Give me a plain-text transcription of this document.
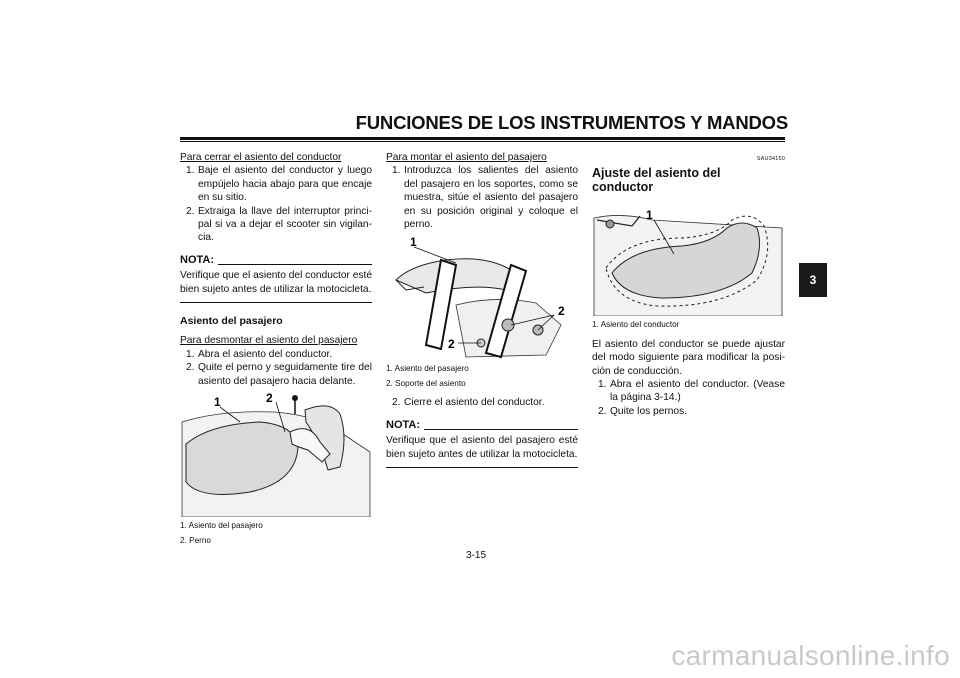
FUNCIONES DE LOS INSTRUMENTOS Y MANDOS
3
Para cerrar el asiento del conductor
1. Baje el asiento del conductor y luego empújelo hacia abajo para que encaje en su sitio.
2. Extraiga la llave del interruptor princi-pal si va a dejar el scooter sin vigilan-cia.
NOTA:
Verifique que el asiento del conductor esté bien sujeto antes de utilizar la motocicleta.
Asiento del pasajero
Para desmontar el asiento del pasajero
1. Abra el asiento del conductor.
2. Quite el perno y seguidamente tire del asiento del pasajero hacia delante.
1	2
1. Asiento del pasajero
2. Perno
Para montar el asiento del pasajero
1. Introduzca los salientes del asiento del pasajero en los soportes, como se muestra, sitúe el asiento del pasajero en su posición original y coloque el perno.
1
2
2
1. Asiento del pasajero
2. Soporte del asiento
2. Cierre el asiento del conductor.
NOTA:
Verifique que el asiento del pasajero esté bien sujeto antes de utilizar la motocicleta.
SAU34150
Ajuste del asiento del conductor
1
1. Asiento del conductor

El asiento del conductor se puede ajustar del modo siguiente para modificar la posi-ción de conducción.

1. Abra el asiento del conductor. (Vease la página 3-14.)
2. Quite los pernos.
3-15
carmanualsonline.info
